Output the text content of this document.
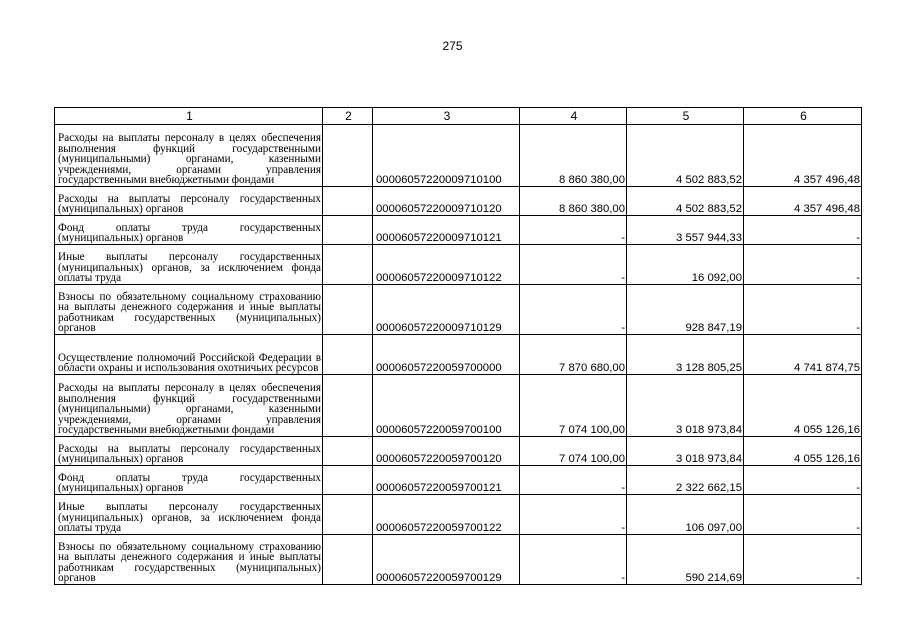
275
1	2	3	4	5	6
Расходы на выплаты персоналу в целях обеспечения выполнения функций государственными (муниципальными) органами, казенными учреждениями, органами управления государственными внебюджетными фондами		00006057220009710100	8 860 380,00	4 502 883,52	4 357 496,48
Расходы на выплаты персоналу государственных (муниципальных) органов		00006057220009710120	8 860 380,00	4 502 883,52	4 357 496,48
Фонд оплаты труда государственных (муниципальных) органов		00006057220009710121	-	3 557 944,33	-
Иные выплаты персоналу государственных (муниципальных) органов, за исключением фонда оплаты труда		00006057220009710122	-	16 092,00	-
Взносы по обязательному социальному страхованию на выплаты денежного содержания и иные выплаты работникам государственных (муниципальных) органов		00006057220009710129	-	928 847,19	-
Осуществление полномочий Российской Федерации в области охраны и использования охотничьих ресурсов		00006057220059700000	7 870 680,00	3 128 805,25	4 741 874,75
Расходы на выплаты персоналу в целях обеспечения выполнения функций государственными (муниципальными) органами, казенными учреждениями, органами управления государственными внебюджетными фондами		00006057220059700100	7 074 100,00	3 018 973,84	4 055 126,16
Расходы на выплаты персоналу государственных (муниципальных) органов		00006057220059700120	7 074 100,00	3 018 973,84	4 055 126,16
Фонд оплаты труда государственных (муниципальных) органов		00006057220059700121	-	2 322 662,15	-
Иные выплаты персоналу государственных (муниципальных) органов, за исключением фонда оплаты труда		00006057220059700122	-	106 097,00	-
Взносы по обязательному социальному страхованию на выплаты денежного содержания и иные выплаты работникам государственных (муниципальных) органов		00006057220059700129	-	590 214,69	-
